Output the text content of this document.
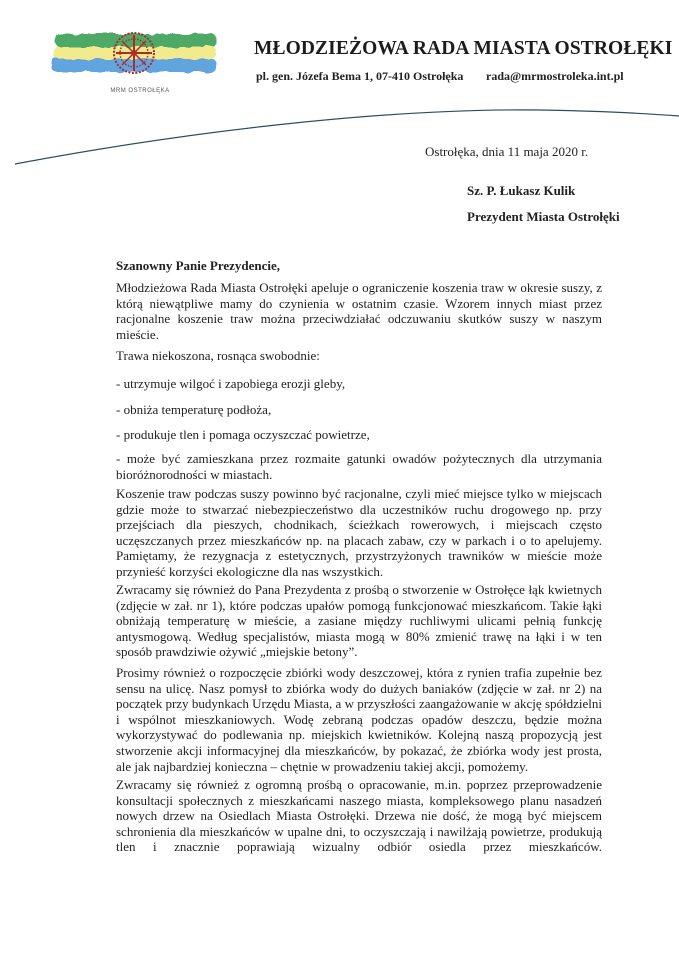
MRM OSTROŁĘKA
MŁODZIEŻOWA RADA MIASTA OSTROŁĘKI
pl. gen. Józefa Bema 1, 07-410 Ostrołęka rada@mrmostroleka.int.pl
Ostrołęka, dnia 11 maja 2020 r.
Sz. P. Łukasz Kulik
Prezydent Miasta Ostrołęki
Szanowny Panie Prezydencie,

Młodzieżowa Rada Miasta Ostrołęki apeluje o ograniczenie koszenia traw w okresie suszy, z którą niewątpliwe mamy do czynienia w ostatnim czasie. Wzorem innych miast przez racjonalne koszenie traw można przeciwdziałać odczuwaniu skutków suszy w naszym mieście.

Trawa niekoszona, rosnąca swobodnie:

- utrzymuje wilgoć i zapobiega erozji gleby,

- obniża temperaturę podłoża,

- produkuje tlen i pomaga oczyszczać powietrze,

- może być zamieszkana przez rozmaite gatunki owadów pożytecznych dla utrzymania bioróżnorodności w miastach.

Koszenie traw podczas suszy powinno być racjonalne, czyli mieć miejsce tylko w miejscach gdzie może to stwarzać niebezpieczeństwo dla uczestników ruchu drogowego np. przy przejściach dla pieszych, chodnikach, ścieżkach rowerowych, i miejscach często uczęszczanych przez mieszkańców np. na placach zabaw, czy w parkach i o to apelujemy. Pamiętamy, że rezygnacja z estetycznych, przystrzyżonych trawników w mieście może przynieść korzyści ekologiczne dla nas wszystkich.

Zwracamy się również do Pana Prezydenta z prośbą o stworzenie w Ostrołęce łąk kwietnych (zdjęcie w zał. nr 1), które podczas upałów pomogą funkcjonować mieszkańcom. Takie łąki obniżają temperaturę w mieście, a zasiane między ruchliwymi ulicami pełnią funkcję antysmogową. Według specjalistów, miasta mogą w 80% zmienić trawę na łąki i w ten sposób prawdziwie ożywić „miejskie betony”.

Prosimy również o rozpoczęcie zbiórki wody deszczowej, która z rynien trafia zupełnie bez sensu na ulicę. Nasz pomysł to zbiórka wody do dużych baniaków (zdjęcie w zał. nr 2) na początek przy budynkach Urzędu Miasta, a w przyszłości zaangażowanie w akcję spółdzielni i wspólnot mieszkaniowych. Wodę zebraną podczas opadów deszczu, będzie można wykorzystywać do podlewania np. miejskich kwietników. Kolejną naszą propozycją jest stworzenie akcji informacyjnej dla mieszkańców, by pokazać, że zbiórka wody jest prosta, ale jak najbardziej konieczna – chętnie w prowadzeniu takiej akcji, pomożemy.

Zwracamy się również z ogromną prośbą o opracowanie, m.in. poprzez przeprowadzenie konsultacji społecznych z mieszkańcami naszego miasta, kompleksowego planu nasadzeń nowych drzew na Osiedlach Miasta Ostrołęki. Drzewa nie dość, że mogą być miejscem schronienia dla mieszkańców w upalne dni, to oczyszczają i nawilżają powietrze, produkują tlen i znacznie poprawiają wizualny odbiór osiedla przez mieszkańców.
